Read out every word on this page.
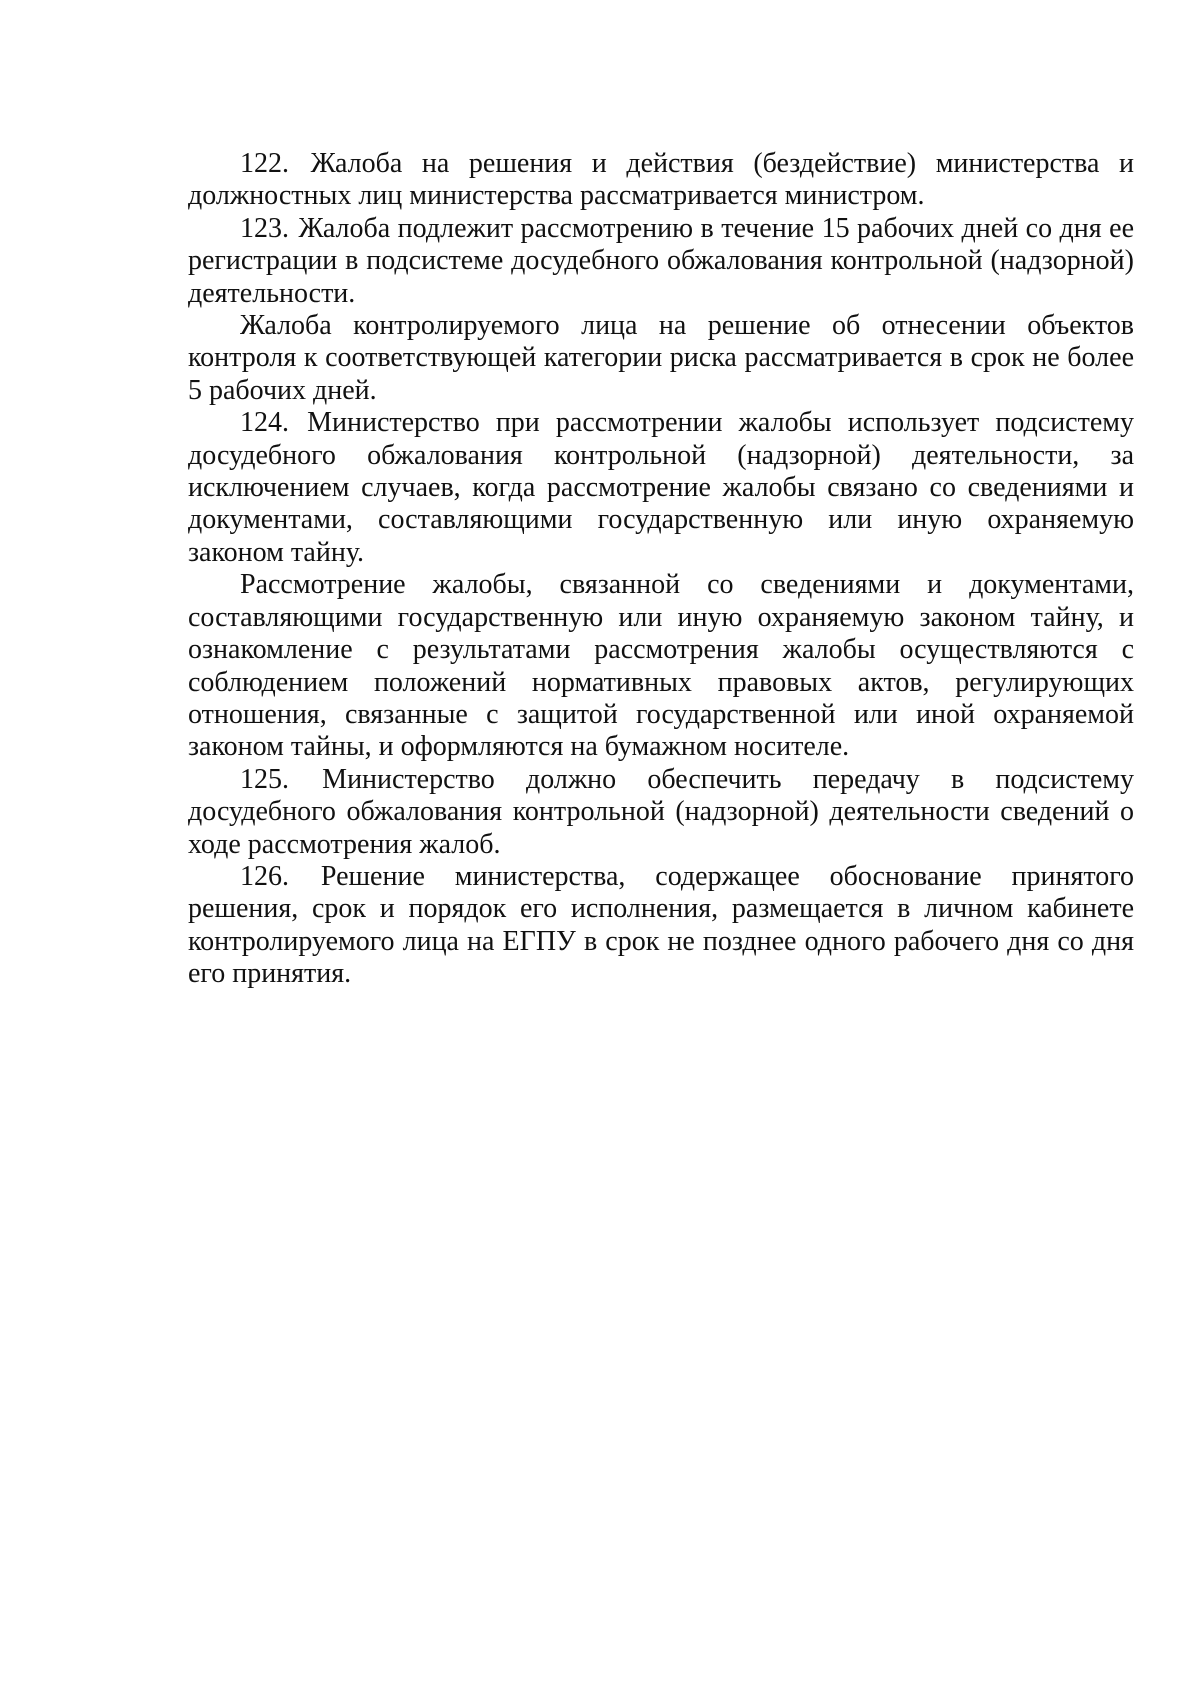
122. Жалоба на решения и действия (бездействие) министерства и должностных лиц министерства рассматривается министром.

123. Жалоба подлежит рассмотрению в течение 15 рабочих дней со дня ее регистрации в подсистеме досудебного обжалования контрольной (надзорной) деятельности.

Жалоба контролируемого лица на решение об отнесении объектов контроля к соответствующей категории риска рассматривается в срок не более 5 рабочих дней.

124. Министерство при рассмотрении жалобы использует подсистему досудебного обжалования контрольной (надзорной) деятельности, за исключением случаев, когда рассмотрение жалобы связано со сведениями и документами, составляющими государственную или иную охраняемую законом тайну.

Рассмотрение жалобы, связанной со сведениями и документами, составляющими государственную или иную охраняемую законом тайну, и ознакомление с результатами рассмотрения жалобы осуществляются с соблюдением положений нормативных правовых актов, регулирующих отношения, связанные с защитой государственной или иной охраняемой законом тайны, и оформляются на бумажном носителе.

125. Министерство должно обеспечить передачу в подсистему досудебного обжалования контрольной (надзорной) деятельности сведений о ходе рассмотрения жалоб.

126. Решение министерства, содержащее обоснование принятого решения, срок и порядок его исполнения, размещается в личном кабинете контролируемого лица на ЕГПУ в срок не позднее одного рабочего дня со дня его принятия.
